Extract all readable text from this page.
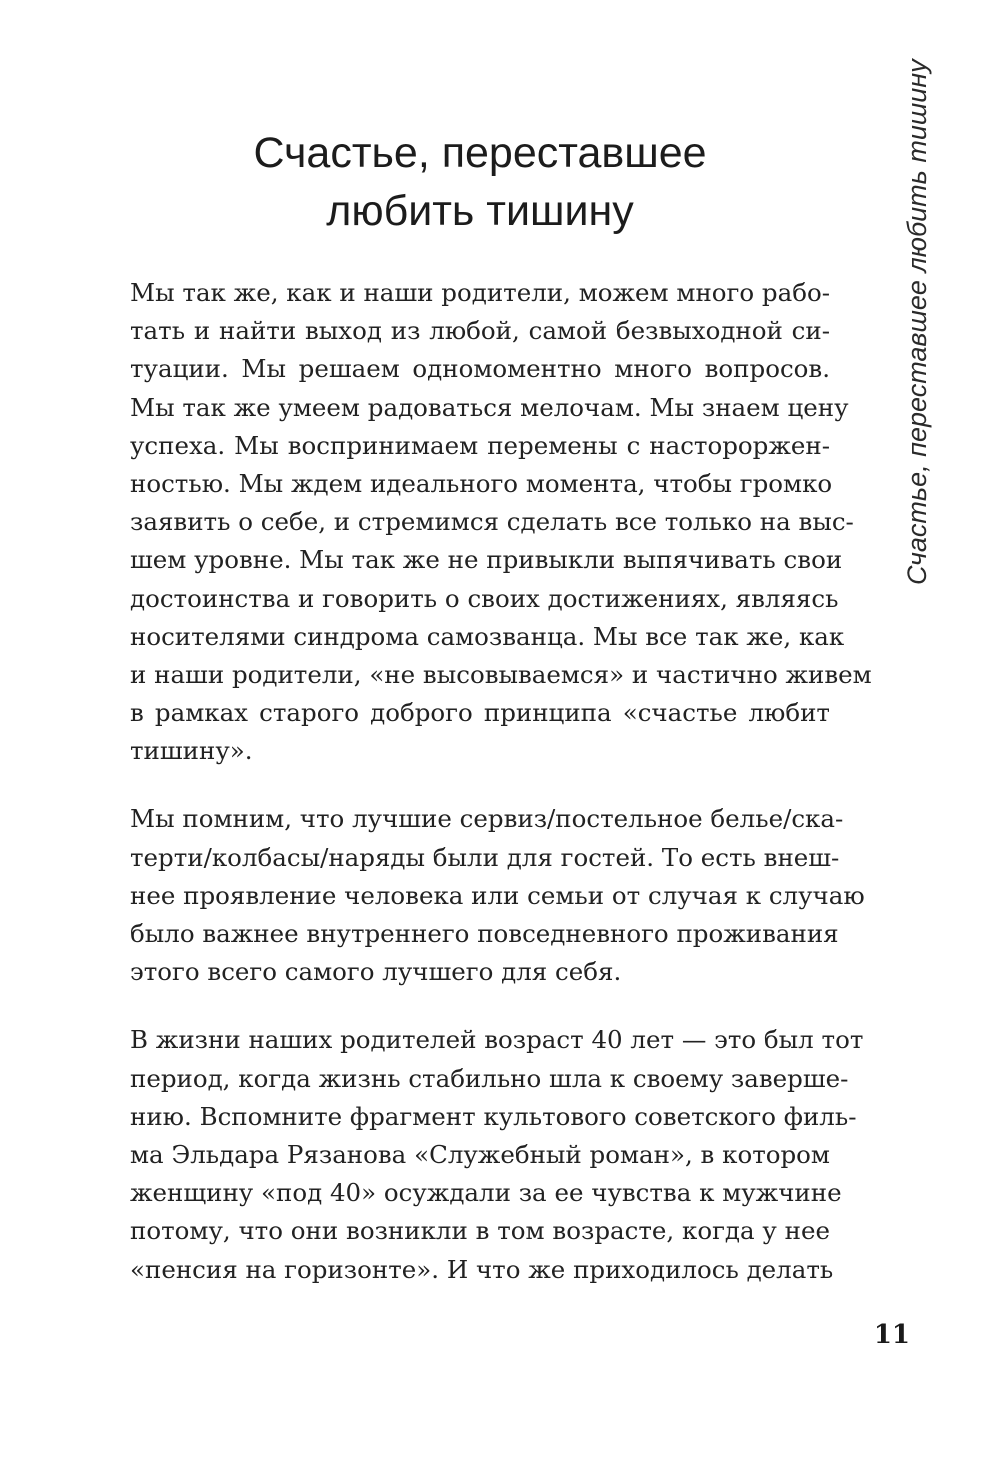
Счастье, переставшее
любить тишину

Мы так же, как и наши родители, можем много рабо-
тать и найти выход из любой, самой безвыходной си-
туации. Мы решаем одномоментно много вопросов.
Мы так же умеем радоваться мелочам. Мы знаем цену
успеха. Мы воспринимаем перемены с настороржен-
ностью. Мы ждем идеального момента, чтобы громко
заявить о себе, и стремимся сделать все только на выс-
шем уровне. Мы так же не привыкли выпячивать свои
достоинства и говорить о своих достижениях, являясь
носителями синдрома самозванца. Мы все так же, как
и наши родители, «не высовываемся» и частично живем
в рамках старого доброго принципа «счастье любит
тишину».

Мы помним, что лучшие сервиз/постельное белье/ска-
терти/колбасы/наряды были для гостей. То есть внеш-
нее проявление человека или семьи от случая к случаю
было важнее внутреннего повседневного проживания
этого всего самого лучшего для себя.

В жизни наших родителей возраст 40 лет — это был тот
период, когда жизнь стабильно шла к своему заверше-
нию. Вспомните фрагмент культового советского филь-
ма Эльдара Рязанова «Служебный роман», в котором
женщину «под 40» осуждали за ее чувства к мужчине
потому, что они возникли в том возрасте, когда у нее
«пенсия на горизонте». И что же приходилось делать

Счастье, переставшее любить тишину
11
